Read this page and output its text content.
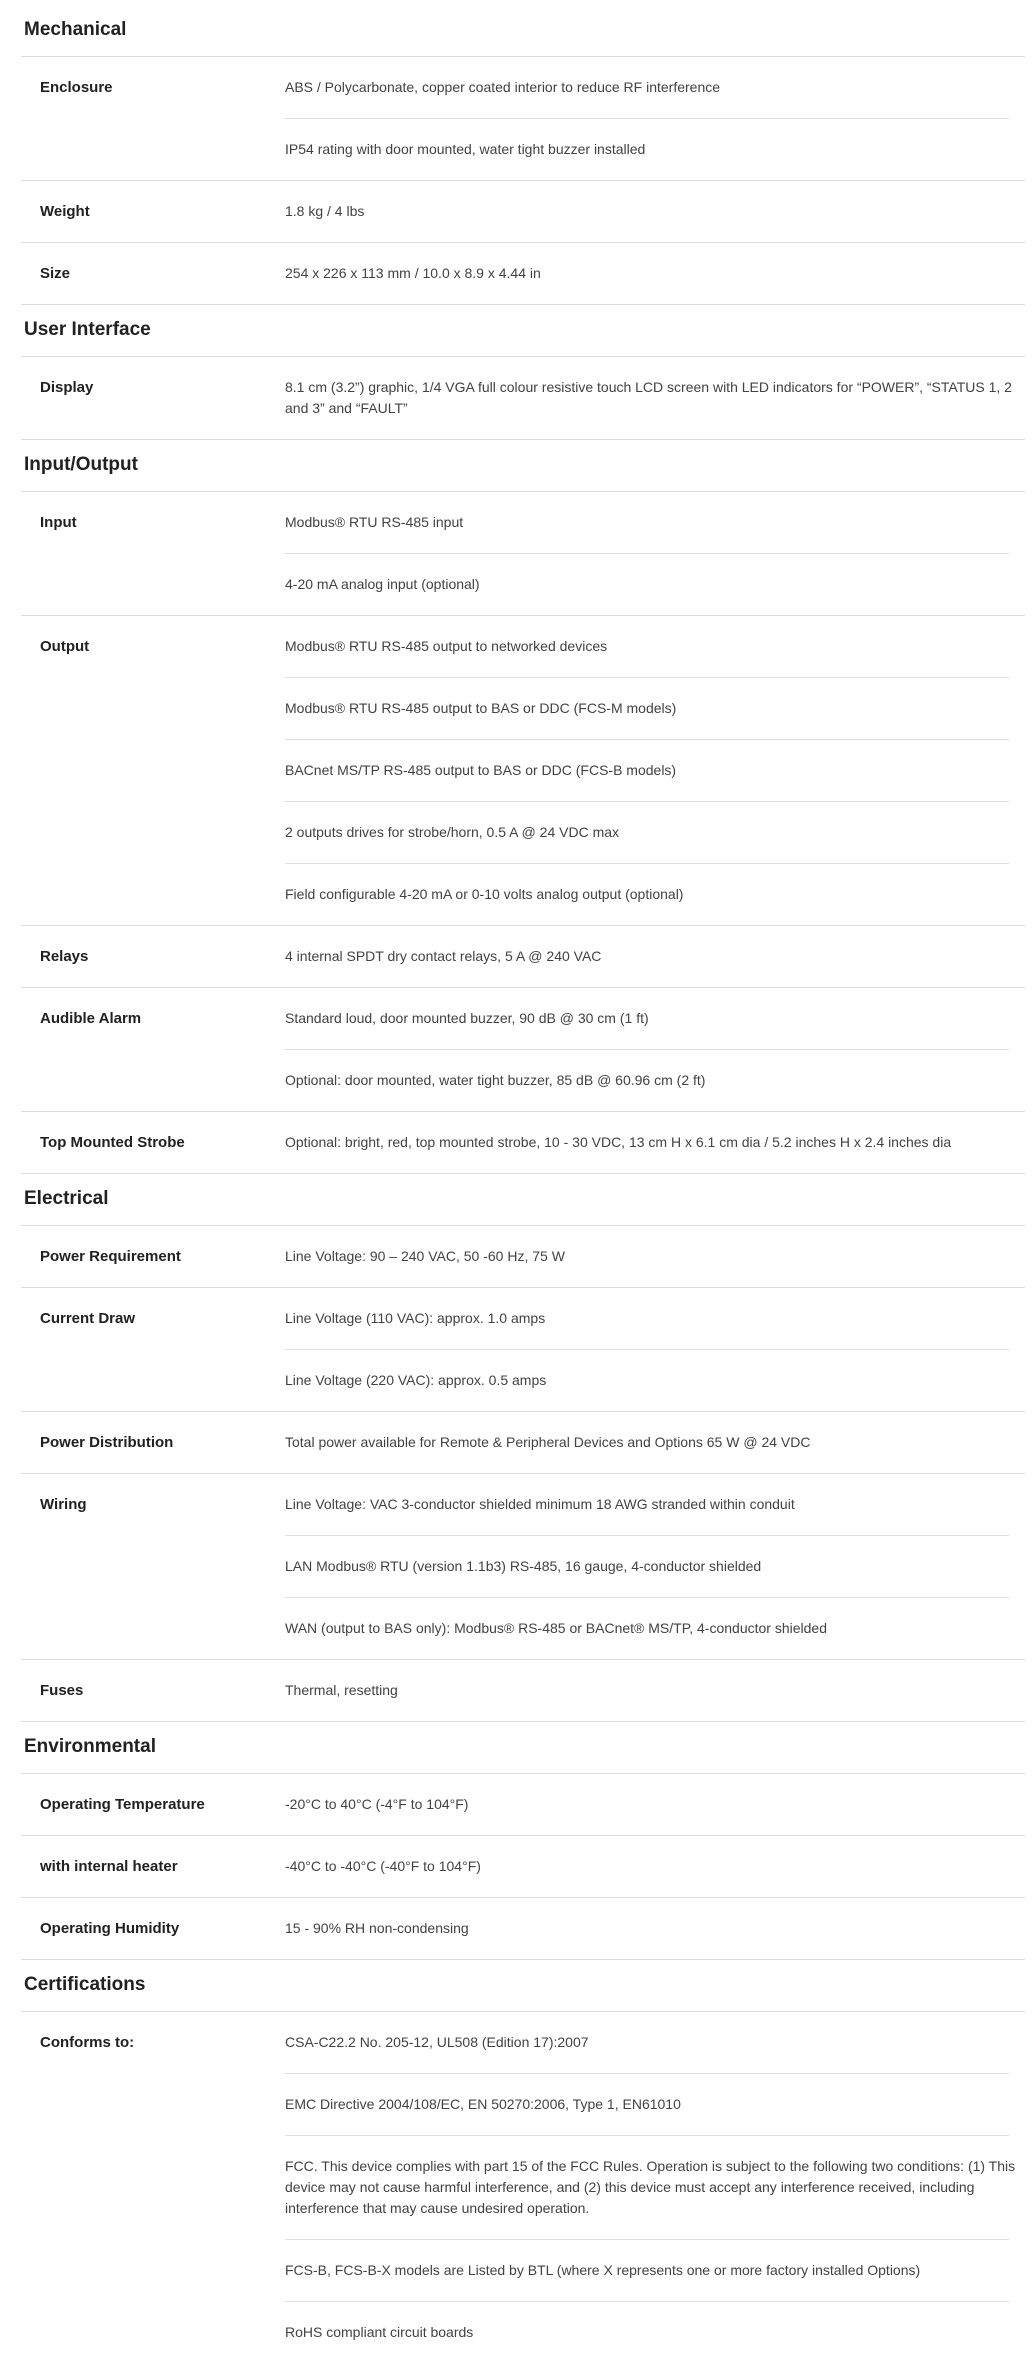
Mechanical
Enclosure	ABS / Polycarbonate, copper coated interior to reduce RF interference
IP54 rating with door mounted, water tight buzzer installed
Weight	1.8 kg / 4 lbs
Size	254 x 226 x 113 mm / 10.0 x 8.9 x 4.44 in
User Interface
Display	8.1 cm (3.2”) graphic, 1/4 VGA full colour resistive touch LCD screen with LED indicators for “POWER”, “STATUS 1, 2 and 3” and “FAULT”
Input/Output
Input	Modbus® RTU RS-485 input
4-20 mA analog input (optional)
Output	Modbus® RTU RS-485 output to networked devices
Modbus® RTU RS-485 output to BAS or DDC (FCS-M models)
BACnet MS/TP RS-485 output to BAS or DDC (FCS-B models)
2 outputs drives for strobe/horn, 0.5 A @ 24 VDC max
Field configurable 4-20 mA or 0-10 volts analog output (optional)
Relays	4 internal SPDT dry contact relays, 5 A @ 240 VAC
Audible Alarm	Standard loud, door mounted buzzer, 90 dB @ 30 cm (1 ft)
Optional: door mounted, water tight buzzer, 85 dB @ 60.96 cm (2 ft)
Top Mounted Strobe	Optional: bright, red, top mounted strobe, 10 - 30 VDC, 13 cm H x 6.1 cm dia / 5.2 inches H x 2.4 inches dia
Electrical
Power Requirement	Line Voltage: 90 – 240 VAC, 50 -60 Hz, 75 W
Current Draw	Line Voltage (110 VAC): approx. 1.0 amps
Line Voltage (220 VAC): approx. 0.5 amps
Power Distribution	Total power available for Remote & Peripheral Devices and Options 65 W @ 24 VDC
Wiring	Line Voltage: VAC 3-conductor shielded minimum 18 AWG stranded within conduit
LAN Modbus® RTU (version 1.1b3) RS-485, 16 gauge, 4-conductor shielded
WAN (output to BAS only): Modbus® RS-485 or BACnet® MS/TP, 4-conductor shielded
Fuses	Thermal, resetting
Environmental
Operating Temperature	-20°C to 40°C (-4°F to 104°F)
with internal heater	-40°C to -40°C (-40°F to 104°F)
Operating Humidity	15 - 90% RH non-condensing
Certifications
Conforms to:	CSA-C22.2 No. 205-12, UL508 (Edition 17):2007
EMC Directive 2004/108/EC, EN 50270:2006, Type 1, EN61010
FCC. This device complies with part 15 of the FCC Rules. Operation is subject to the following two conditions: (1) This device may not cause harmful interference, and (2) this device must accept any interference received, including interference that may cause undesired operation.
FCS-B, FCS-B-X models are Listed by BTL (where X represents one or more factory installed Options)
RoHS compliant circuit boards
